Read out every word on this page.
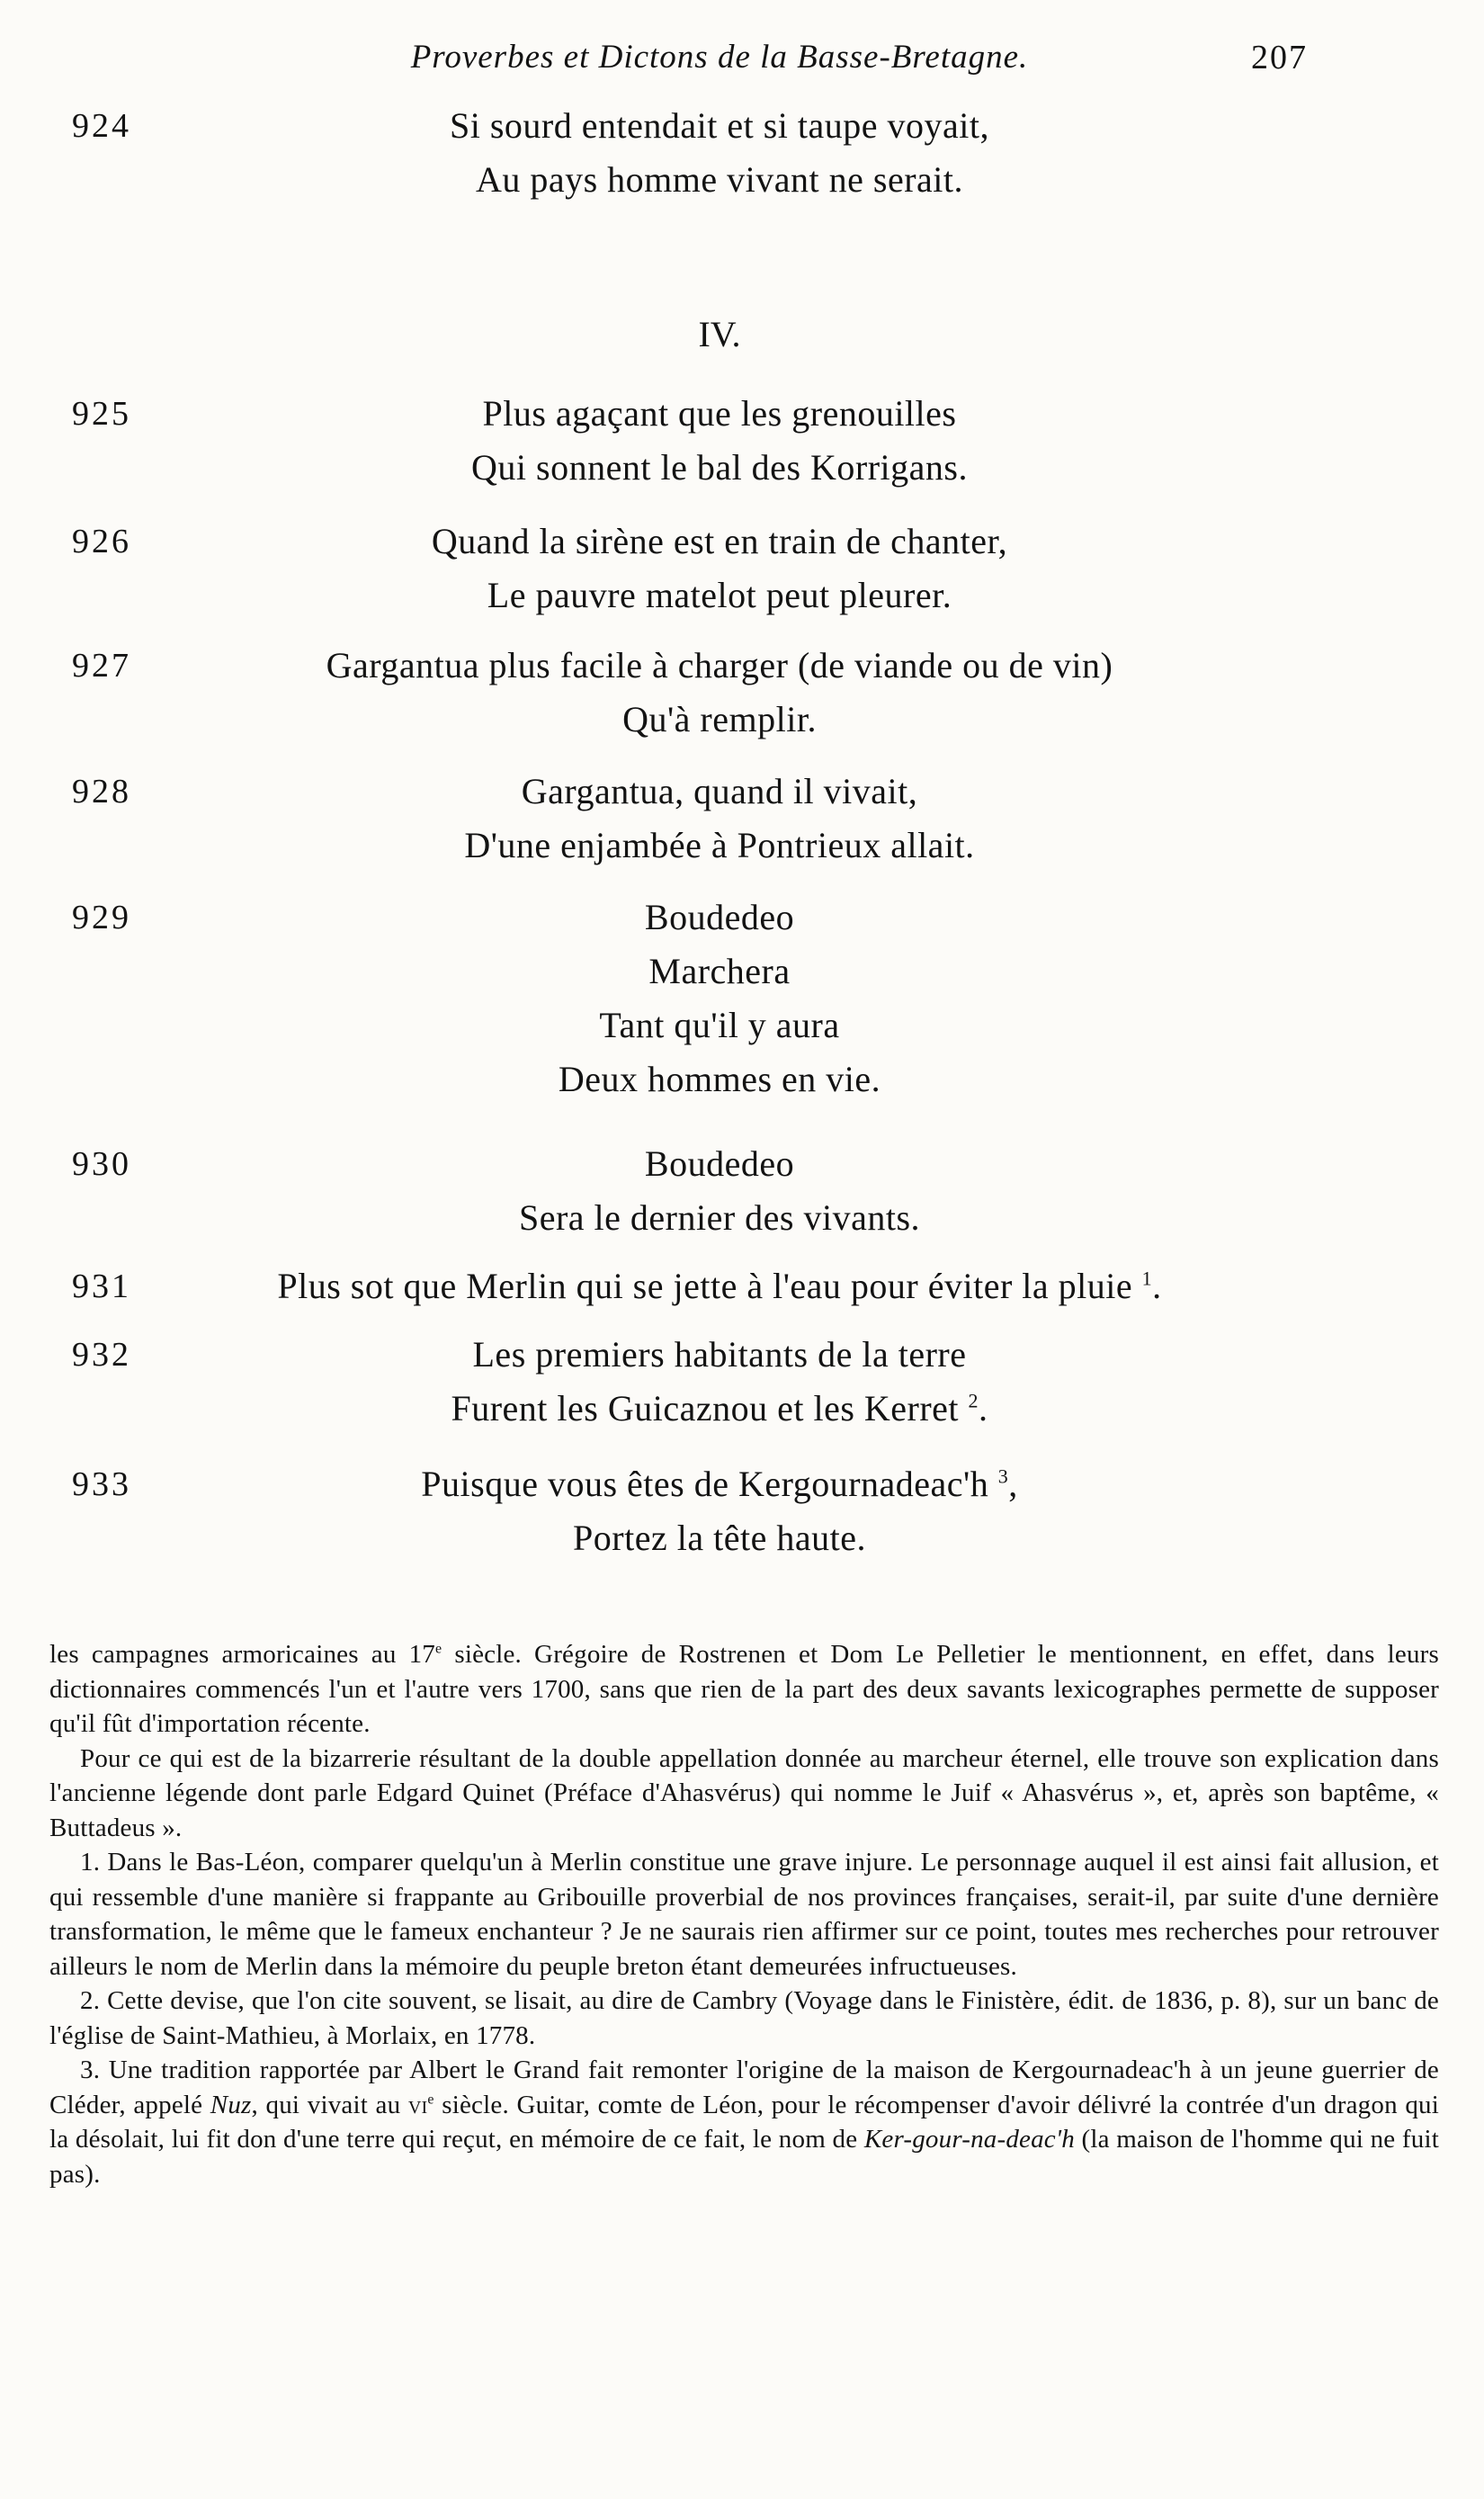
Proverbes et Dictons de la Basse-Bretagne.	207
924	Si sourd entendait et si taupe voyait,
Au pays homme vivant ne serait.
IV.
925	Plus agaçant que les grenouilles
Qui sonnent le bal des Korrigans.
926	Quand la sirène est en train de chanter,
Le pauvre matelot peut pleurer.
927	Gargantua plus facile à charger (de viande ou de vin)
Qu'à remplir.
928	Gargantua, quand il vivait,
D'une enjambée à Pontrieux allait.
929	Boudedeo
Marchera
Tant qu'il y aura
Deux hommes en vie.
930	Boudedeo
Sera le dernier des vivants.
931	Plus sot que Merlin qui se jette à l'eau pour éviter la pluie $^1$.
932	Les premiers habitants de la terre
Furent les Guicaznou et les Kerret $^2$.
933	Puisque vous êtes de Kergournadeac'h $^3$,
Portez la tête haute.

les campagnes armoricaines au 17e siècle. Grégoire de Rostrenen et Dom Le Pelletier le mentionnent, en effet, dans leurs dictionnaires commencés l'un et l'autre vers 1700, sans que rien de la part des deux savants lexicographes permette de supposer qu'il fût d'importation récente.

Pour ce qui est de la bizarrerie résultant de la double appellation donnée au marcheur éternel, elle trouve son explication dans l'ancienne légende dont parle Edgard Quinet (Préface d'Ahasvérus) qui nomme le Juif « Ahasvérus », et, après son baptême, « Buttadeus ».

1. Dans le Bas-Léon, comparer quelqu'un à Merlin constitue une grave injure. Le personnage auquel il est ainsi fait allusion, et qui ressemble d'une manière si frappante au Gribouille proverbial de nos provinces françaises, serait-il, par suite d'une dernière transformation, le même que le fameux enchanteur ? Je ne saurais rien affirmer sur ce point, toutes mes recherches pour retrouver ailleurs le nom de Merlin dans la mémoire du peuple breton étant demeurées infructueuses.

2. Cette devise, que l'on cite souvent, se lisait, au dire de Cambry (Voyage dans le Finistère, édit. de 1836, p. 8), sur un banc de l'église de Saint-Mathieu, à Morlaix, en 1778.

3. Une tradition rapportée par Albert le Grand fait remonter l'origine de la maison de Kergournadeac'h à un jeune guerrier de Cléder, appelé Nuz, qui vivait au $vi^e$ siècle. Guitar, comte de Léon, pour le récompenser d'avoir délivré la contrée d'un dragon qui la désolait, lui fit don d'une terre qui reçut, en mémoire de ce fait, le nom de Ker-gour-na-deac'h (la maison de l'homme qui ne fuit pas).
